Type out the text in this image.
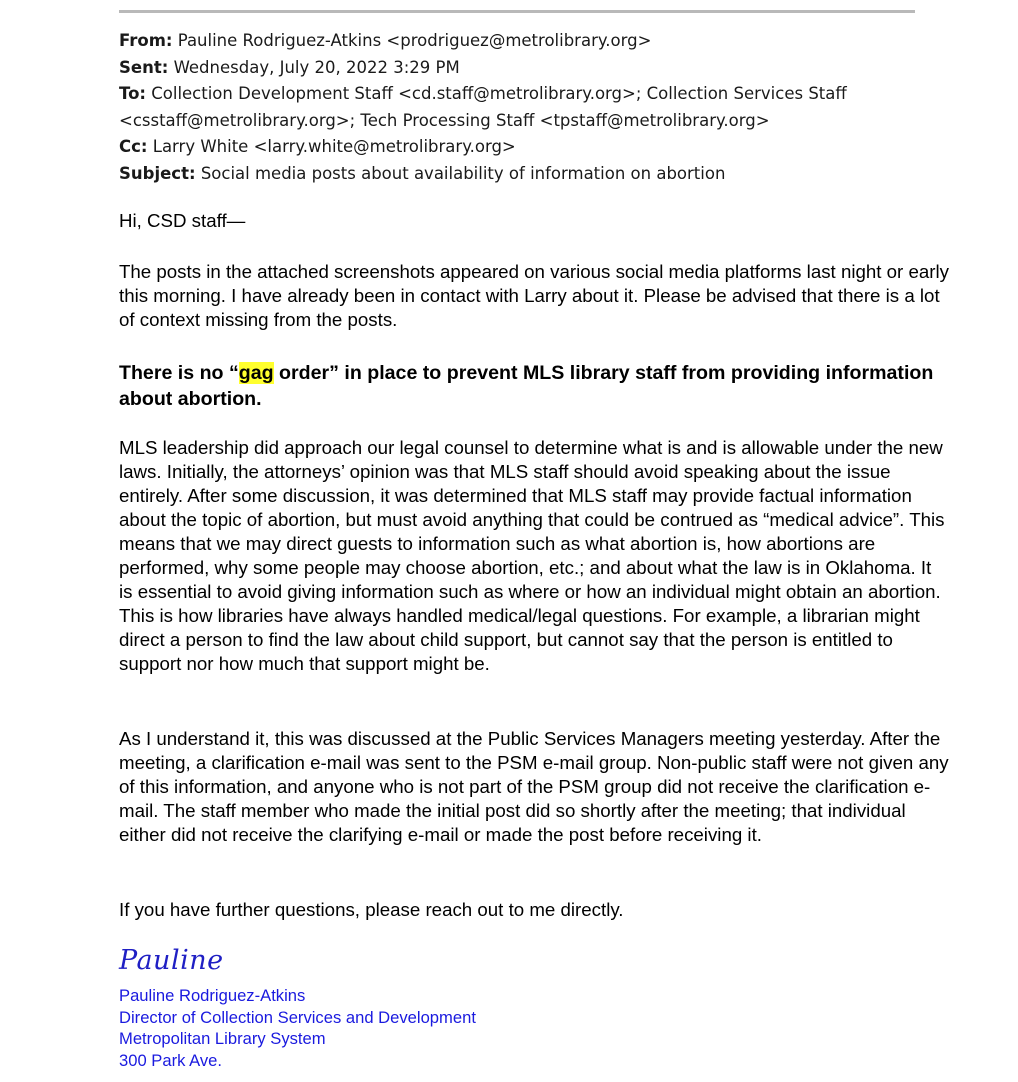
From: Pauline Rodriguez-Atkins <prodriguez@metrolibrary.org>
Sent: Wednesday, July 20, 2022 3:29 PM
To: Collection Development Staff <cd.staff@metrolibrary.org>; Collection Services Staff
<csstaff@metrolibrary.org>; Tech Processing Staff <tpstaff@metrolibrary.org>
Cc: Larry White <larry.white@metrolibrary.org>
Subject: Social media posts about availability of information on abortion

Hi, CSD staff—

The posts in the attached screenshots appeared on various social media platforms last night or early this morning. I have already been in contact with Larry about it. Please be advised that there is a lot of context missing from the posts.

There is no “gag order” in place to prevent MLS library staff from providing information about abortion.

MLS leadership did approach our legal counsel to determine what is and is allowable under the new laws. Initially, the attorneys’ opinion was that MLS staff should avoid speaking about the issue entirely. After some discussion, it was determined that MLS staff may provide factual information about the topic of abortion, but must avoid anything that could be contrued as “medical advice”. This means that we may direct guests to information such as what abortion is, how abortions are performed, why some people may choose abortion, etc.; and about what the law is in Oklahoma. It is essential to avoid giving information such as where or how an individual might obtain an abortion. This is how libraries have always handled medical/legal questions. For example, a librarian might direct a person to find the law about child support, but cannot say that the person is entitled to support nor how much that support might be.

As I understand it, this was discussed at the Public Services Managers meeting yesterday. After the meeting, a clarification e-mail was sent to the PSM e-mail group. Non-public staff were not given any of this information, and anyone who is not part of the PSM group did not receive the clarification e-mail. The staff member who made the initial post did so shortly after the meeting; that individual either did not receive the clarifying e-mail or made the post before receiving it.

If you have further questions, please reach out to me directly.

Pauline
Pauline Rodriguez-Atkins
Director of Collection Services and Development
Metropolitan Library System
300 Park Ave.
